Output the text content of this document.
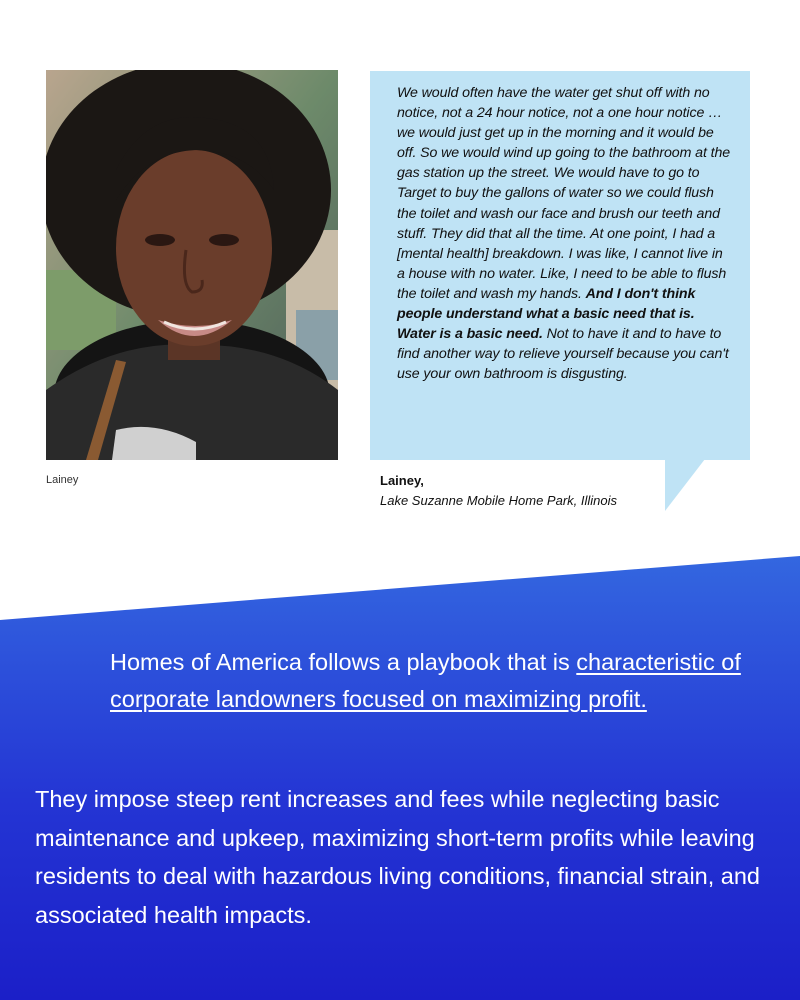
Lainey

We would often have the water get shut off with no notice, not a 24 hour notice, not a one hour notice … we would just get up in the morning and it would be off. So we would wind up going to the bathroom at the gas station up the street. We would have to go to Target to buy the gallons of water so we could flush the toilet and wash our face and brush our teeth and stuff. They did that all the time. At one point, I had a [mental health] breakdown. I was like, I cannot live in a house with no water. Like, I need to be able to flush the toilet and wash my hands. And I don't think people understand what a basic need that is. Water is a basic need. Not to have it and to have to find another way to relieve yourself because you can't use your own bathroom is disgusting.

Lainey,
Lake Suzanne Mobile Home Park, Illinois

Homes of America follows a playbook that is characteristic of corporate landowners focused on maximizing profit.

They impose steep rent increases and fees while neglecting basic maintenance and upkeep, maximizing short-term profits while leaving residents to deal with hazardous living conditions, financial strain, and associated health impacts.
